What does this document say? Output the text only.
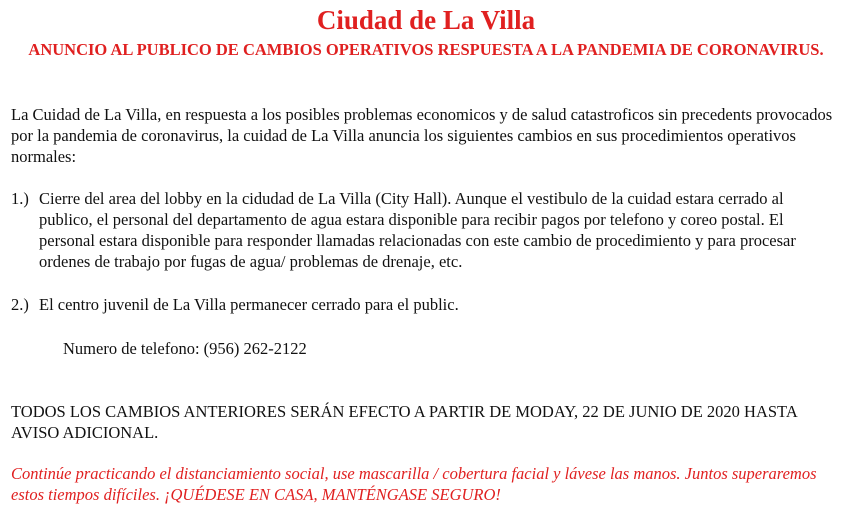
Ciudad de La Villa
ANUNCIO AL PUBLICO DE CAMBIOS OPERATIVOS RESPUESTA A LA PANDEMIA DE CORONAVIRUS.
La Cuidad de La Villa, en respuesta a los posibles problemas economicos y de salud catastroficos sin precedents provocados por la pandemia de coronavirus, la cuidad de La Villa anuncia los siguientes cambios en sus procedimientos operativos normales:
1.) Cierre del area del lobby en la cidudad de La Villa (City Hall). Aunque el vestibulo de la cuidad estara cerrado al publico, el personal del departamento de agua estara disponible para recibir pagos por telefono y coreo postal. El personal estara disponible para responder llamadas relacionadas con este cambio de procedimiento y para procesar ordenes de trabajo por fugas de agua/ problemas de drenaje, etc.
2.) El centro juvenil de La Villa permanecer cerrado para el public.
Numero de telefono: (956) 262-2122
TODOS LOS CAMBIOS ANTERIORES SERÁN EFECTO A PARTIR DE MODAY, 22 DE JUNIO DE 2020 HASTA AVISO ADICIONAL.
Continúe practicando el distanciamiento social, use mascarilla / cobertura facial y lávese las manos. Juntos superaremos estos tiempos difíciles. ¡QUÉDESE EN CASA, MANTÉNGASE SEGURO!
